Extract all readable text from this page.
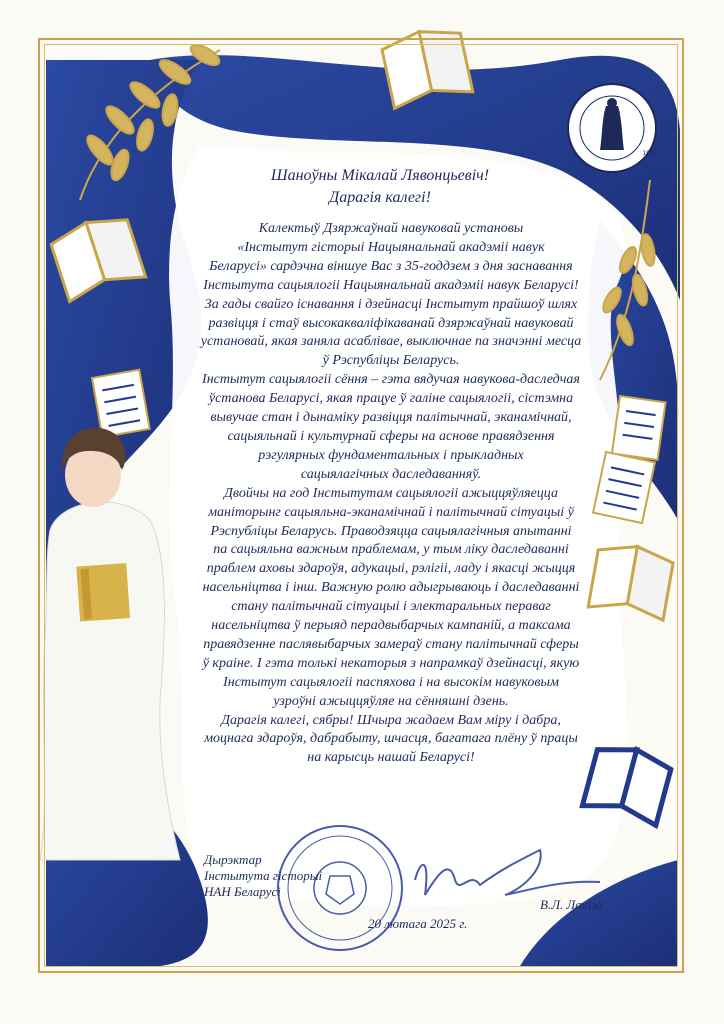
Шаноўны Мікалай Лявонцьевіч!
Дарагія калегі!

Калектыў Дзяржаўнай навуковай установы

«Інстытут гісторыі Нацыянальнай акадэміі навук

Беларусі» сардэчна віншуе Вас з 35-годдзем з дня заснавання

Інстытута сацыялогіі Нацыянальнай акадэміі навук Беларусі!

За гады свайго існавання і дзейнасці Інстытут прайшоў шлях

развіцця і стаў высокакваліфікаванай дзяржаўнай навуковай

установай, якая заняла асаблівае, выключнае па значэнні месца

ў Рэспубліцы Беларусь.

Інстытут сацыялогіі сёння – гэта вядучая навукова-даследчая

ўстанова Беларусі, якая працуе ў галіне сацыялогіі, сістэмна

вывучае стан і дынаміку развіцця палітычнай, эканамічнай,

сацыяльнай і культурнай сферы на аснове правядзення

рэгулярных фундаментальных і прыкладных

сацыялагічных даследаванняў.

Двойчы на год Інстытутам сацыялогіі ажыццяўляецца

маніторынг сацыяльна-эканамічнай і палітычнай сітуацыі ў

Рэспубліцы Беларусь. Праводзяцца сацыялагічныя апытанні

па сацыяльна важным праблемам, у тым ліку даследаванні

праблем аховы здароўя, адукацыі, рэлігіі, ладу і якасці жыцця

насельніцтва і інш. Важную ролю адыгрываюць і даследаванні

стану палітычнай сітуацыі і электаральных пераваг

насельніцтва ў перыяд перадвыбарчых кампаній, а таксама

правядзенне паслявыбарчых замераў стану палітычнай сферы

ў краіне. І гэта толькі некаторыя з напрамкаў дзейнасці, якую

Інстытут сацыялогіі паспяхова і на высокім навуковым

узроўні ажыццяўляе на сённяшні дзень.

Дарагія калегі, сябры! Шчыра жадаем Вам міру і дабра,

моцнага здароўя, дабрабыту, шчасця, багатага плёну ў працы

на карысць нашай Беларусі!

Дырэктар
Інстытута гісторыі
НАН Беларусі
20 лютага 2025 г.
В.Л. Лакіза
1929
